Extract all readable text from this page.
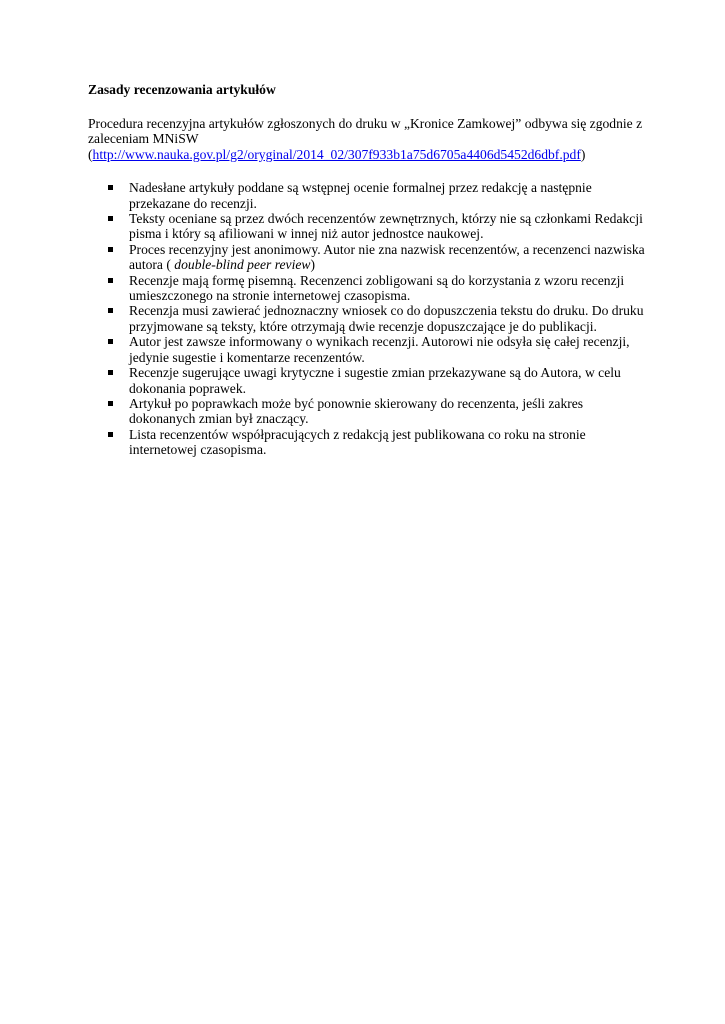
Zasady recenzowania artykułów

Procedura recenzyjna artykułów zgłoszonych do druku w „Kronice Zamkowej” odbywa się zgodnie z zaleceniam MNiSW
(http://www.nauka.gov.pl/g2/oryginal/2014_02/307f933b1a75d6705a4406d5452d6dbf.pdf)

Nadesłane artykuły poddane są wstępnej ocenie formalnej przez redakcję a następnie przekazane do recenzji.
Teksty oceniane są przez dwóch recenzentów zewnętrznych, którzy nie są członkami Redakcji pisma i który są afiliowani w innej niż autor jednostce naukowej.
Proces recenzyjny jest anonimowy. Autor nie zna nazwisk recenzentów, a recenzenci nazwiska autora ( double-blind peer review)
Recenzje mają formę pisemną. Recenzenci zobligowani są do korzystania z wzoru recenzji umieszczonego na stronie internetowej czasopisma.
Recenzja musi zawierać jednoznaczny wniosek co do dopuszczenia tekstu do druku. Do druku przyjmowane są teksty, które otrzymają dwie recenzje dopuszczające je do publikacji.
Autor jest zawsze informowany o wynikach recenzji. Autorowi nie odsyła się całej recenzji, jedynie sugestie i komentarze recenzentów.
Recenzje sugerujące uwagi krytyczne i sugestie zmian przekazywane są do Autora, w celu dokonania poprawek.
Artykuł po poprawkach może być ponownie skierowany do recenzenta, jeśli zakres dokonanych zmian był znaczący.
Lista recenzentów współpracujących z redakcją jest publikowana co roku na stronie internetowej czasopisma.
